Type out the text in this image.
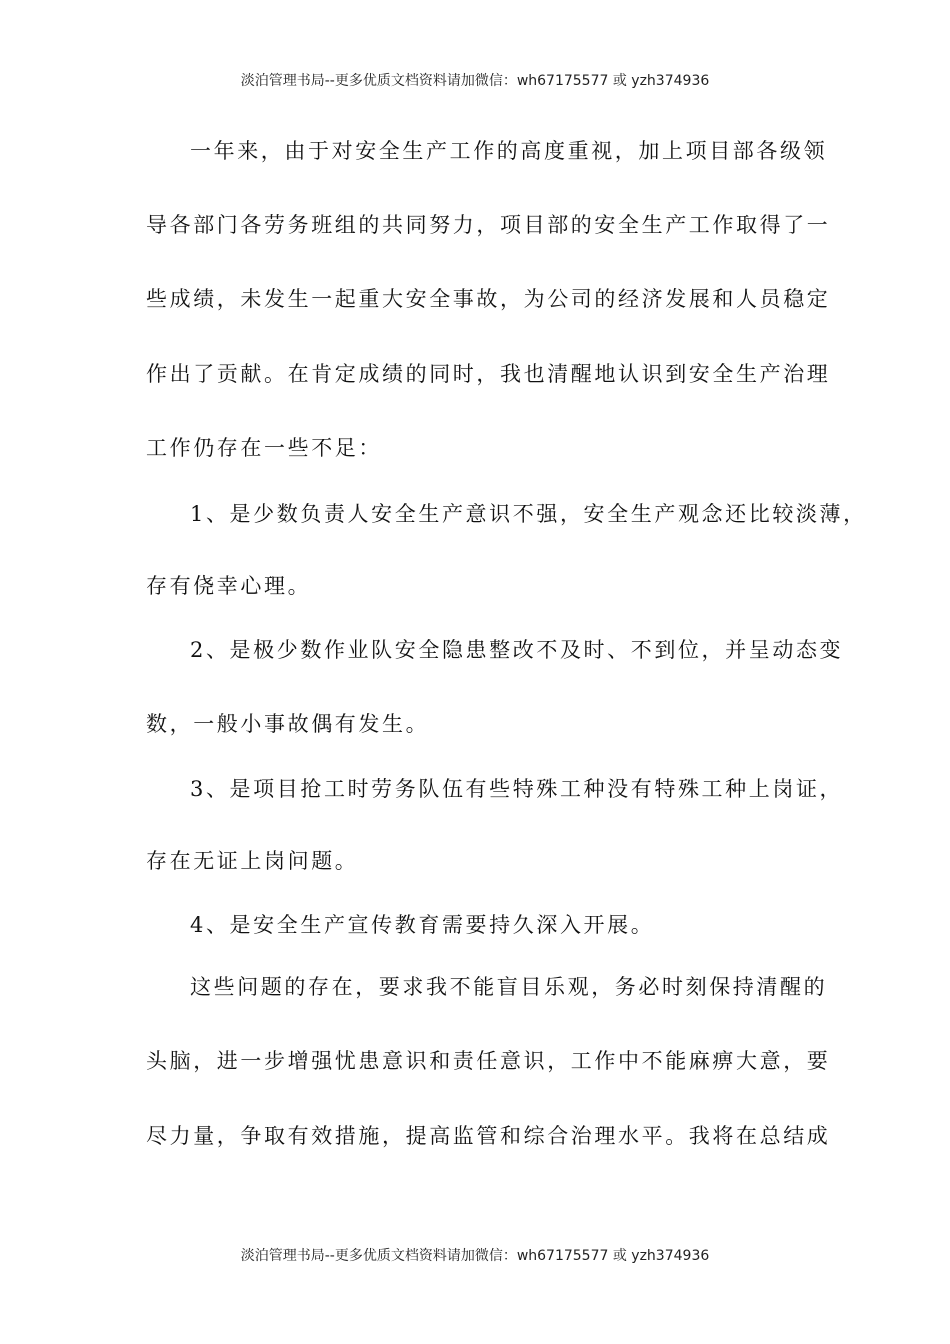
淡泊管理书局--更多优质文档资料请加微信：wh67175577 或 yzh374936
一年来，由于对安全生产工作的高度重视，加上项目部各级领
导各部门各劳务班组的共同努力，项目部的安全生产工作取得了一
些成绩，未发生一起重大安全事故，为公司的经济发展和人员稳定
作出了贡献。在肯定成绩的同时，我也清醒地认识到安全生产治理
工作仍存在一些不足：
1、是少数负责人安全生产意识不强，安全生产观念还比较淡薄，
存有侥幸心理。
2、是极少数作业队安全隐患整改不及时、不到位，并呈动态变
数，一般小事故偶有发生。
3、是项目抢工时劳务队伍有些特殊工种没有特殊工种上岗证，
存在无证上岗问题。
4、是安全生产宣传教育需要持久深入开展。
这些问题的存在，要求我不能盲目乐观，务必时刻保持清醒的
头脑，进一步增强忧患意识和责任意识，工作中不能麻痹大意，要
尽力量，争取有效措施，提高监管和综合治理水平。我将在总结成
淡泊管理书局--更多优质文档资料请加微信：wh67175577 或 yzh374936
